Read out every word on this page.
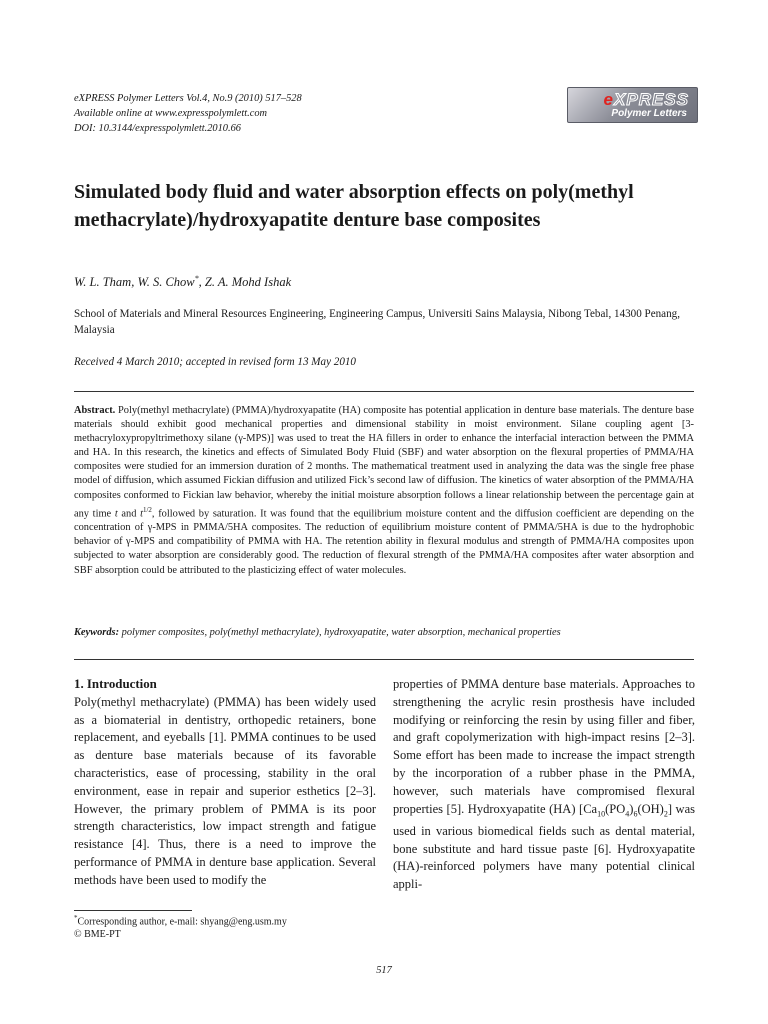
eXPRESS Polymer Letters Vol.4, No.9 (2010) 517–528
Available online at www.expresspolymlett.com
DOI: 10.3144/expresspolymlett.2010.66
eXPRESS
Polymer Letters
Simulated body fluid and water absorption effects on poly(methyl methacrylate)/hydroxyapatite denture base composites
W. L. Tham, W. S. Chow*, Z. A. Mohd Ishak
School of Materials and Mineral Resources Engineering, Engineering Campus, Universiti Sains Malaysia, Nibong Tebal, 14300 Penang, Malaysia
Received 4 March 2010; accepted in revised form 13 May 2010

Abstract. Poly(methyl methacrylate) (PMMA)/hydroxyapatite (HA) composite has potential application in denture base materials. The denture base materials should exhibit good mechanical properties and dimensional stability in moist environment. Silane coupling agent [3-methacryloxypropyltrimethoxy silane (γ-MPS)] was used to treat the HA fillers in order to enhance the interfacial interaction between the PMMA and HA. In this research, the kinetics and effects of Simulated Body Fluid (SBF) and water absorption on the flexural properties of PMMA/HA composites were studied for an immersion duration of 2 months. The mathematical treatment used in analyzing the data was the single free phase model of diffusion, which assumed Fickian diffusion and utilized Fick’s second law of diffusion. The kinetics of water absorption of the PMMA/HA composites conformed to Fickian law behavior, whereby the initial moisture absorption follows a linear relationship between the percentage gain at any time t and $t^{1/2}$, followed by saturation. It was found that the equilibrium moisture content and the diffusion coefficient are depending on the concentration of γ-MPS in PMMA/5HA composites. The reduction of equilibrium moisture content of PMMA/5HA is due to the hydrophobic behavior of γ-MPS and compatibility of PMMA with HA. The retention ability in flexural modulus and strength of PMMA/HA composites upon subjected to water absorption are considerably good. The reduction of flexural strength of the PMMA/HA composites after water absorption and SBF absorption could be attributed to the plasticizing effect of water molecules.

Keywords: polymer composites, poly(methyl methacrylate), hydroxyapatite, water absorption, mechanical properties
1. Introduction

Poly(methyl methacrylate) (PMMA) has been widely used as a biomaterial in dentistry, orthopedic retainers, bone replacement, and eyeballs [1]. PMMA continues to be used as denture base materials because of its favorable characteristics, ease of processing, stability in the oral environment, ease in repair and superior esthetics [2–3]. However, the primary problem of PMMA is its poor strength characteristics, low impact strength and fatigue resistance [4]. Thus, there is a need to improve the performance of PMMA in denture base application. Several methods have been used to modify the

properties of PMMA denture base materials. Approaches to strengthening the acrylic resin prosthesis have included modifying or reinforcing the resin by using filler and fiber, and graft copolymerization with high-impact resins [2–3]. Some effort has been made to increase the impact strength by the incorporation of a rubber phase in the PMMA, however, such materials have compromised flexural properties [5]. Hydroxyapatite (HA) $[Ca_{10}(PO_4)_6(OH)_2]$ was used in various biomedical fields such as dental material, bone substitute and hard tissue paste [6]. Hydroxyapatite (HA)-reinforced polymers have many potential clinical appli-

*Corresponding author, e-mail: shyang@eng.usm.my
© BME-PT
517
